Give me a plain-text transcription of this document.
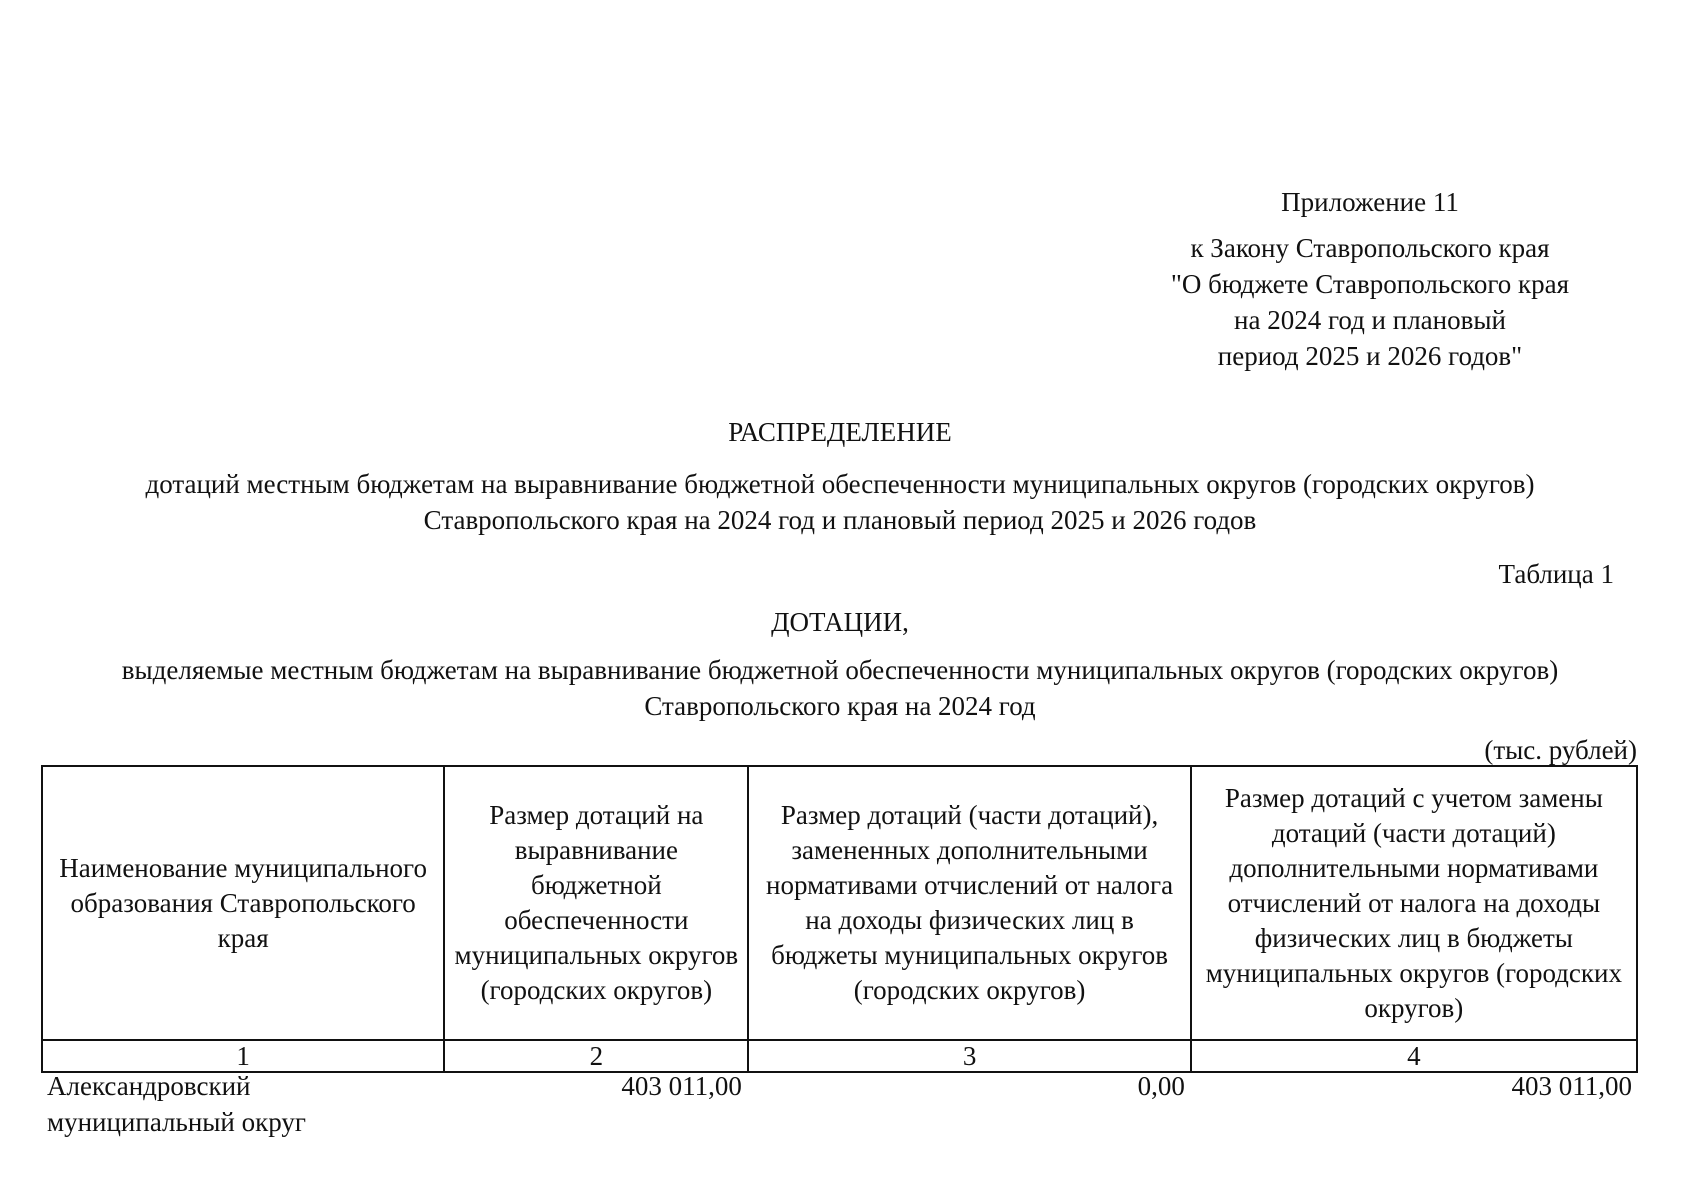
Приложение 11
к Закону Ставропольского края
"О бюджете Ставропольского края
на 2024 год и плановый
период 2025 и 2026 годов"
РАСПРЕДЕЛЕНИЕ
дотаций местным бюджетам на выравнивание бюджетной обеспеченности муниципальных округов (городских округов)
Ставропольского края на 2024 год и плановый период 2025 и 2026 годов
Таблица 1
ДОТАЦИИ,
выделяемые местным бюджетам на выравнивание бюджетной обеспеченности муниципальных округов (городских округов)
Ставропольского края на 2024 год
(тыс. рублей)
Наименование муниципального образования Ставропольского края	Размер дотаций на выравнивание бюджетной обеспеченности муниципальных округов (городских округов)	Размер дотаций (части дотаций), замененных дополнительными нормативами отчислений от налога на доходы физических лиц в бюджеты муниципальных округов (городских округов)	Размер дотаций с учетом замены дотаций (части дотаций) дополнительными нормативами отчислений от налога на доходы физических лиц в бюджеты муниципальных округов (городских округов)
1	2	3	4
Александровский муниципальный округ	403 011,00	0,00	403 011,00
